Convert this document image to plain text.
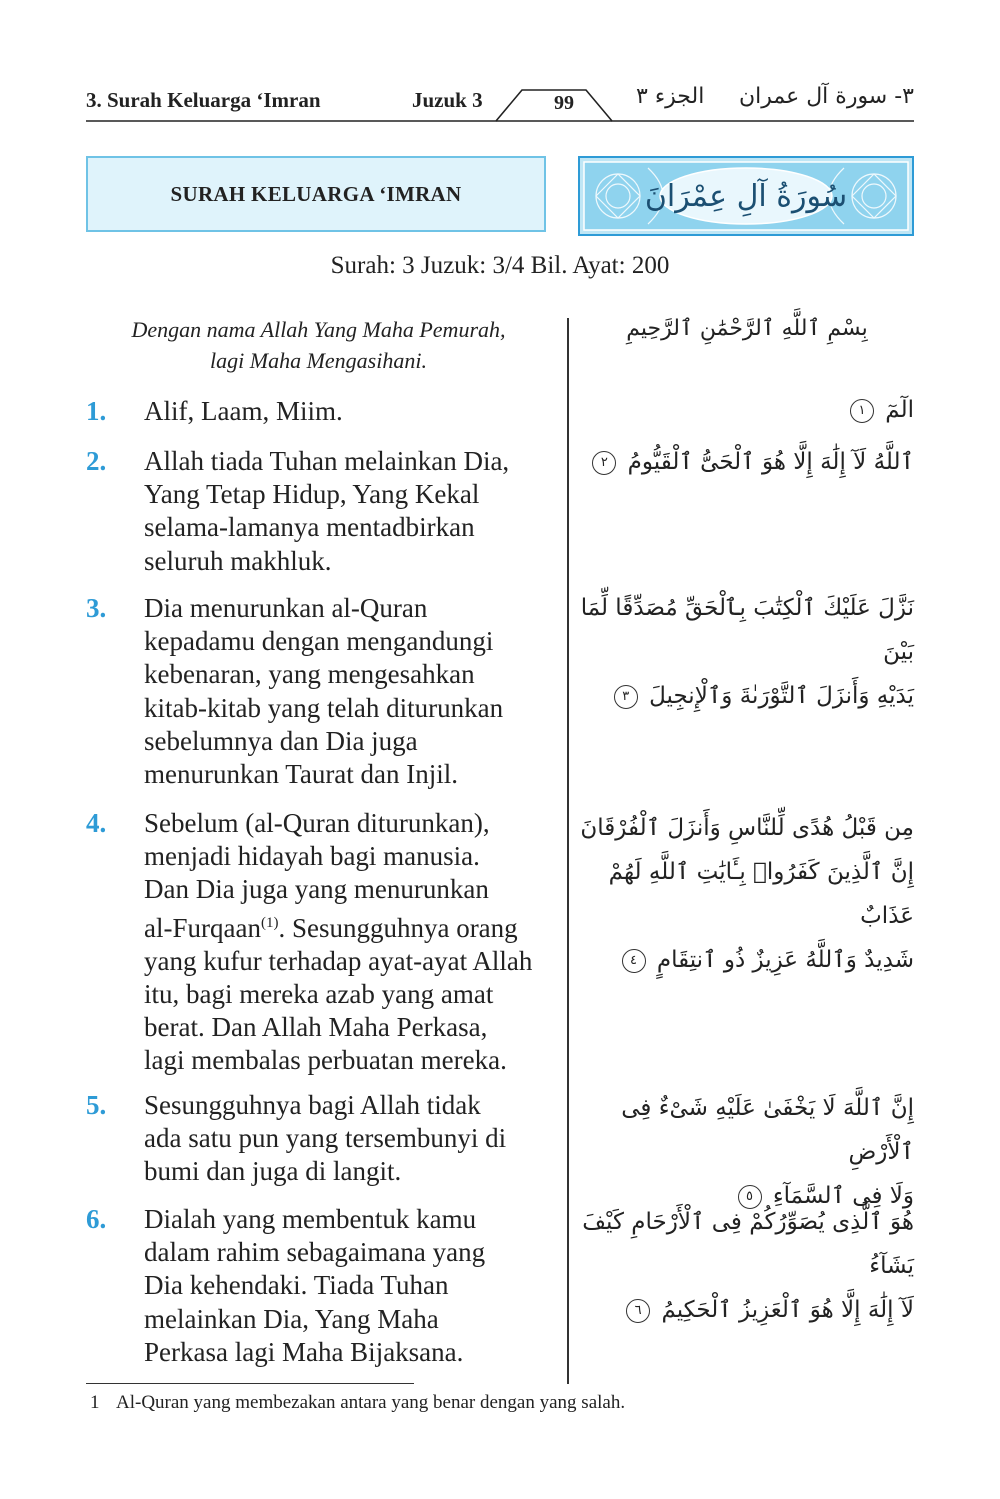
3. Surah Keluarga ‘Imran	Juzuk 3	99	الجزء ٣ ٣- سورة آل عمران
SURAH KELUARGA ‘IMRAN	سُورَةُ آلِ عِمْرَانَ
Surah: 3 Juzuk: 3/4 Bil. Ayat: 200
Dengan nama Allah Yang Maha Pemurah,
lagi Maha Mengasihani.
بِسْمِ ٱللَّهِ ٱلرَّحْمَٰنِ ٱلرَّحِيمِ
1. Alif, Laam, Miim.
2. Allah tiada Tuhan melainkan Dia,
Yang Tetap Hidup, Yang Kekal
selama-lamanya mentadbirkan
seluruh makhluk.
3. Dia menurunkan al-Quran
kepadamu dengan mengandungi
kebenaran, yang mengesahkan
kitab-kitab yang telah diturunkan
sebelumnya dan Dia juga
menurunkan Taurat dan Injil.
4. Sebelum (al-Quran diturunkan),
menjadi hidayah bagi manusia.
Dan Dia juga yang menurunkan
al-Furqaan$^{(1)}$. Sesungguhnya orang
yang kufur terhadap ayat-ayat Allah
itu, bagi mereka azab yang amat
berat. Dan Allah Maha Perkasa,
lagi membalas perbuatan mereka.
5. Sesungguhnya bagi Allah tidak
ada satu pun yang tersembunyi di
bumi dan juga di langit.
6. Dialah yang membentuk kamu
dalam rahim sebagaimana yang
Dia kehendaki. Tiada Tuhan
melainkan Dia, Yang Maha
Perkasa lagi Maha Bijaksana.
الٓمٓ ١
ٱللَّهُ لَآ إِلَٰهَ إِلَّا هُوَ ٱلْحَىُّ ٱلْقَيُّومُ ٢
نَزَّلَ عَلَيْكَ ٱلْكِتَٰبَ بِٱلْحَقِّ مُصَدِّقًا لِّمَا بَيْنَ
يَدَيْهِ وَأَنزَلَ ٱلتَّوْرَىٰةَ وَٱلْإِنجِيلَ ٣
مِن قَبْلُ هُدًى لِّلنَّاسِ وَأَنزَلَ ٱلْفُرْقَانَ
إِنَّ ٱلَّذِينَ كَفَرُوا۟ بِـَٔايَٰتِ ٱللَّهِ لَهُمْ عَذَابٌ
شَدِيدٌ وَٱللَّهُ عَزِيزٌ ذُو ٱنتِقَامٍ ٤
إِنَّ ٱللَّهَ لَا يَخْفَىٰ عَلَيْهِ شَىْءٌ فِى ٱلْأَرْضِ
وَلَا فِى ٱلسَّمَآءِ ٥
هُوَ ٱلَّذِى يُصَوِّرُكُمْ فِى ٱلْأَرْحَامِ كَيْفَ يَشَآءُ
لَآ إِلَٰهَ إِلَّا هُوَ ٱلْعَزِيزُ ٱلْحَكِيمُ ٦
1 Al-Quran yang membezakan antara yang benar dengan yang salah.
